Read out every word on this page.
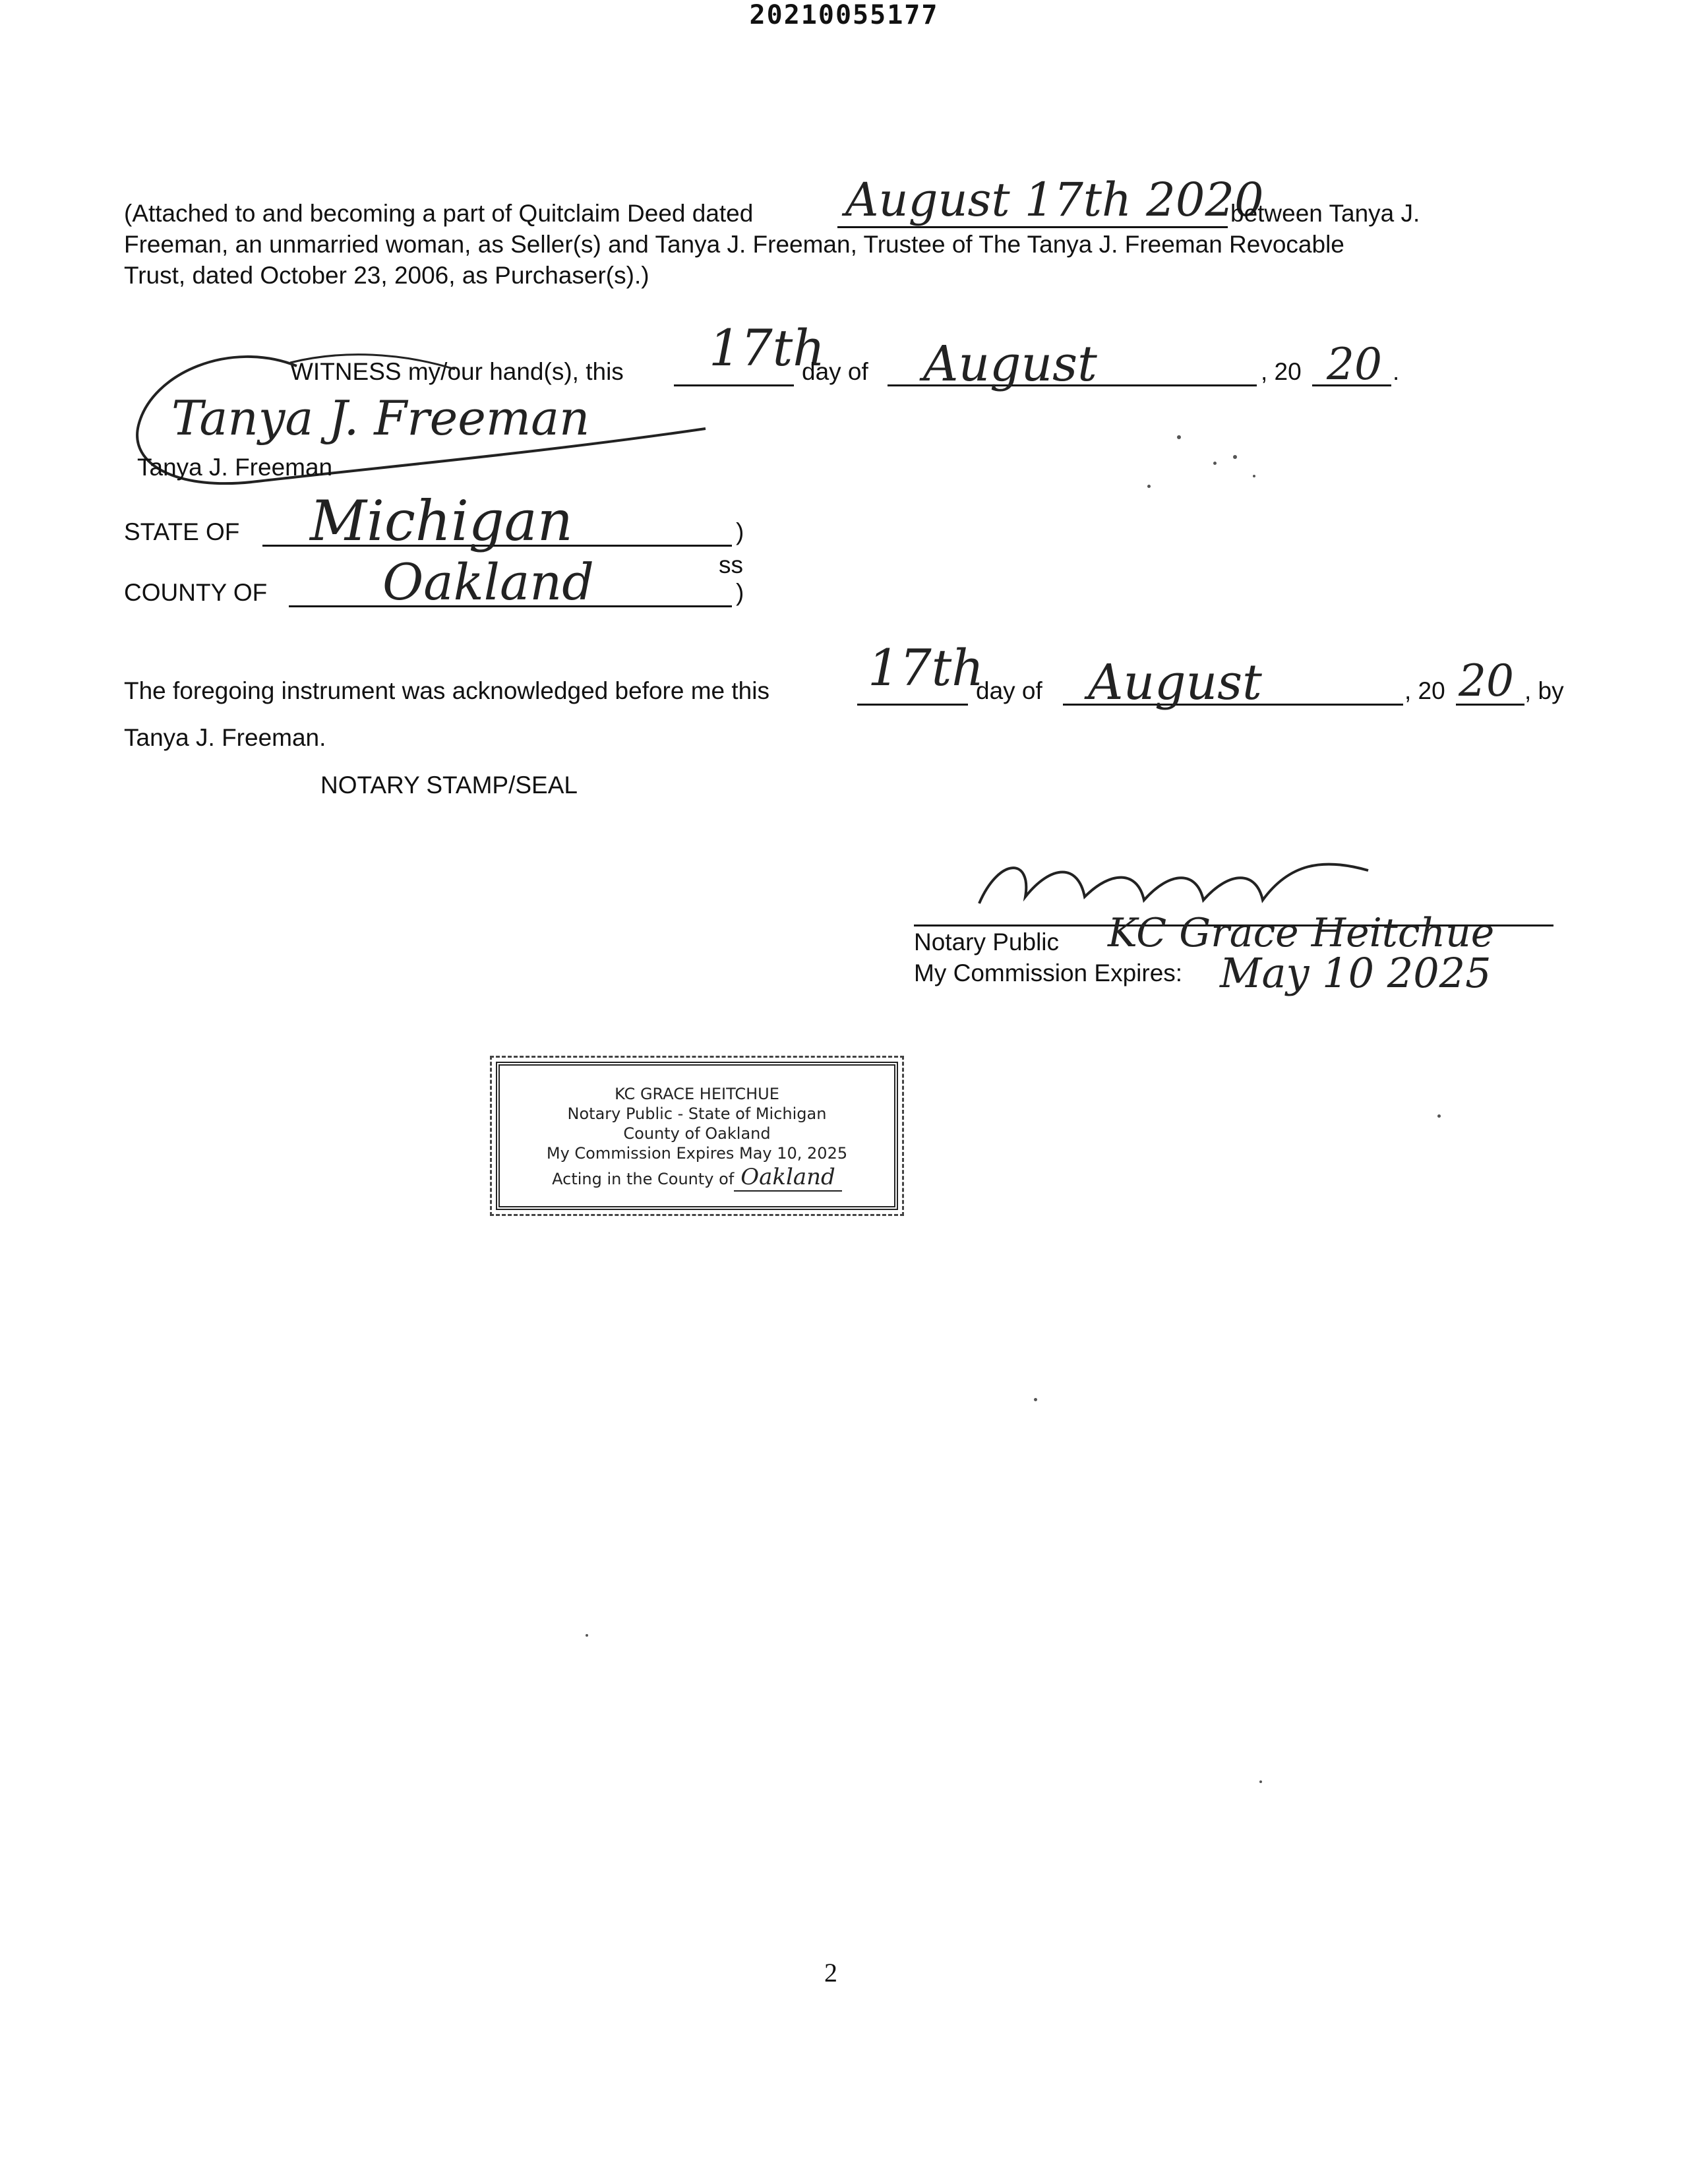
20210055177
(Attached to and becoming a part of Quitclaim Deed dated August 17th 2020
between Tanya J.
Freeman, an unmarried woman, as Seller(s) and Tanya J. Freeman, Trustee of The Tanya J. Freeman Revocable
Trust, dated October 23, 2006, as Purchaser(s).)
WITNESS my/our hand(s), this 17th
day of August	, 20 20 .
Tanya J. Freeman
Tanya J. Freeman
STATE OF Michigan	)
ss
COUNTY OF Oakland	)
The foregoing instrument was acknowledged before me this 17th
day of August	, 20 20 , by
Tanya J. Freeman.
NOTARY STAMP/SEAL
Notary Public KC Grace Heitchue
My Commission Expires: May 10 2025
KC GRACE HEITCHUE
Notary Public - State of Michigan
County of Oakland
My Commission Expires May 10, 2025
Acting in the County of Oakland
2
